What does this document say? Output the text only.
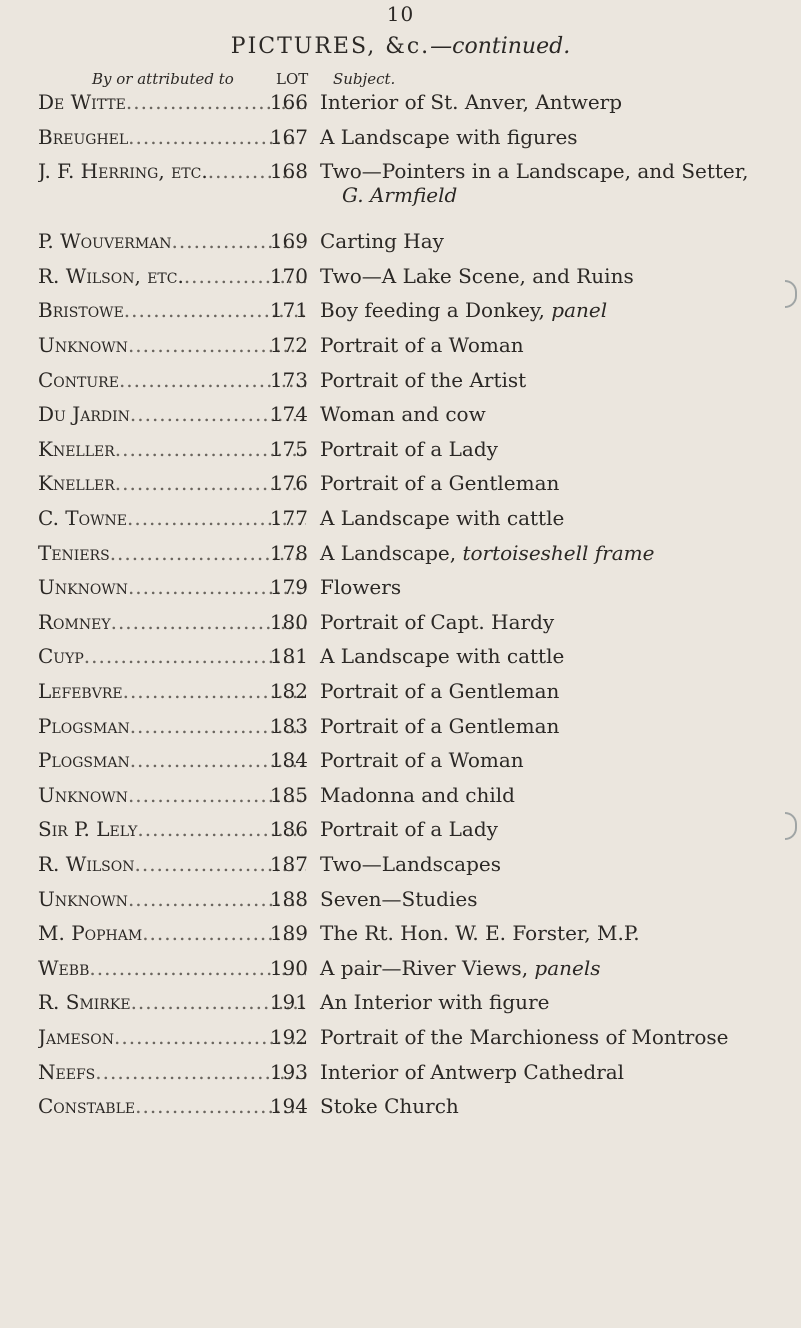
10
PICTURES, &c.—continued.
By or attributed to	LOT Subject.
De Witte .....	166 Interior of St. Anver, Antwerp
Breughel .....	167 A Landscape with figures
J. F. Herring, etc. .....	168 Two—Pointers in a Landscape, and Setter,
G. Armfield
P. Wouverman .....	169 Carting Hay
R. Wilson, etc. .....	170 Two—A Lake Scene, and Ruins
Bristowe .....	171 Boy feeding a Donkey, panel
Unknown .....	172 Portrait of a Woman
Conture .....	173 Portrait of the Artist
Du Jardin .....	174 Woman and cow
Kneller .....	175 Portrait of a Lady
Kneller .....	176 Portrait of a Gentleman
C. Towne .....	177 A Landscape with cattle
Teniers .....	178 A Landscape, tortoiseshell frame
Unknown .....	179 Flowers
Romney .....	180 Portrait of Capt. Hardy
Cuyp .....	181 A Landscape with cattle
Lefebvre .....	182 Portrait of a Gentleman
Plogsman .....	183 Portrait of a Gentleman
Plogsman .....	184 Portrait of a Woman
Unknown .....	185 Madonna and child
Sir P. Lely .....	186 Portrait of a Lady
R. Wilson .....	187 Two—Landscapes
Unknown .....	188 Seven—Studies
M. Popham .....	189 The Rt. Hon. W. E. Forster, M.P.
Webb .....	190 A pair—River Views, panels
R. Smirke .....	191 An Interior with figure
Jameson .....	192 Portrait of the Marchioness of Montrose
Neefs .....	193 Interior of Antwerp Cathedral
Constable .....	194 Stoke Church
